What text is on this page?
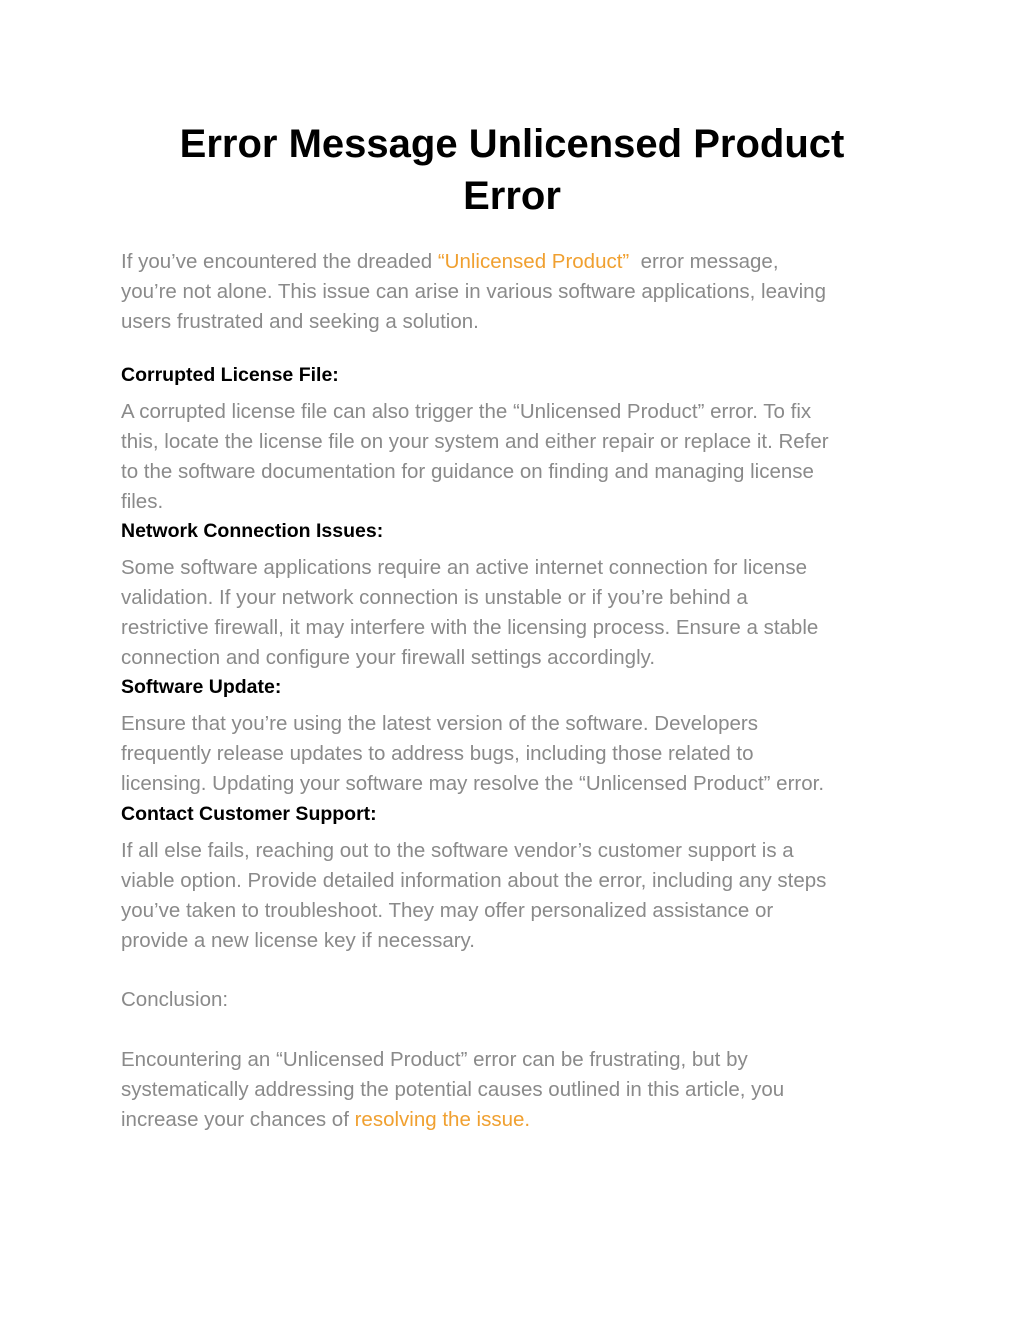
Error Message Unlicensed Product
Error

If you’ve encountered the dreaded “Unlicensed Product”  error message,
you’re not alone. This issue can arise in various software applications, leaving
users frustrated and seeking a solution.

Corrupted License File:

A corrupted license file can also trigger the “Unlicensed Product” error. To fix
this, locate the license file on your system and either repair or replace it. Refer
to the software documentation for guidance on finding and managing license
files.

Network Connection Issues:

Some software applications require an active internet connection for license
validation. If your network connection is unstable or if you’re behind a
restrictive firewall, it may interfere with the licensing process. Ensure a stable
connection and configure your firewall settings accordingly.

Software Update:

Ensure that you’re using the latest version of the software. Developers
frequently release updates to address bugs, including those related to
licensing. Updating your software may resolve the “Unlicensed Product” error.

Contact Customer Support:

If all else fails, reaching out to the software vendor’s customer support is a
viable option. Provide detailed information about the error, including any steps
you’ve taken to troubleshoot. They may offer personalized assistance or
provide a new license key if necessary.

Conclusion:

Encountering an “Unlicensed Product” error can be frustrating, but by
systematically addressing the potential causes outlined in this article, you
increase your chances of resolving the issue.
